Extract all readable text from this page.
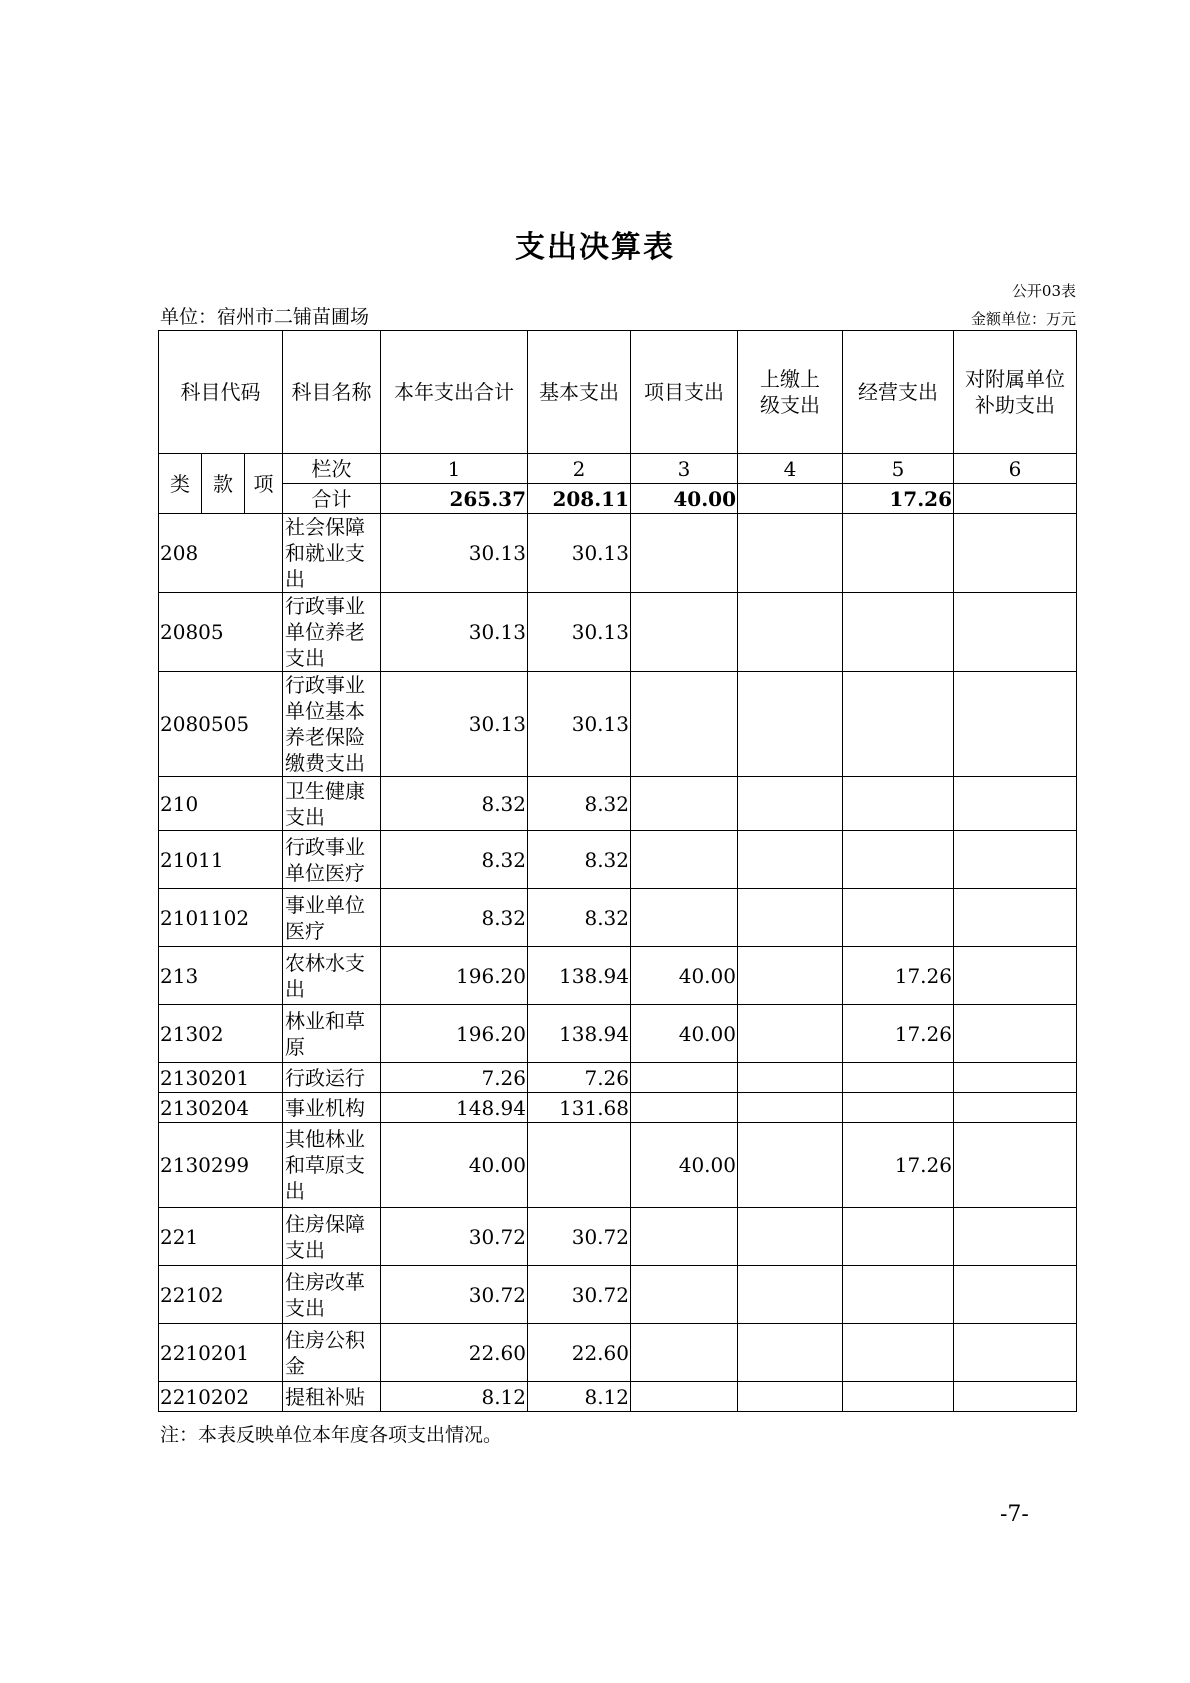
支出决算表
公开03表
单位：宿州市二铺苗圃场	金额单位：万元
科目代码			科目名称	本年支出合计	基本支出	项目支出	上缴上级支出	经营支出	对附属单位补助支出
类	款	项	栏次	1	2	3	4	5	6
			合计	265.37	208.11	40.00		17.26	
208			社会保障和就业支出	30.13	30.13				
20805			行政事业单位养老支出	30.13	30.13				
2080505			行政事业单位基本养老保险缴费支出	30.13	30.13				
210			卫生健康支出	8.32	8.32				
21011			行政事业单位医疗	8.32	8.32				
2101102			事业单位医疗	8.32	8.32				
213			农林水支出	196.20	138.94	40.00		17.26	
21302			林业和草原	196.20	138.94	40.00		17.26	
2130201			行政运行	7.26	7.26				
2130204			事业机构	148.94	131.68				
2130299			其他林业和草原支出	40.00		40.00		17.26	
221			住房保障支出	30.72	30.72				
22102			住房改革支出	30.72	30.72				
2210201			住房公积金	22.60	22.60				
2210202			提租补贴	8.12	8.12				
注：本表反映单位本年度各项支出情况。
-7-
